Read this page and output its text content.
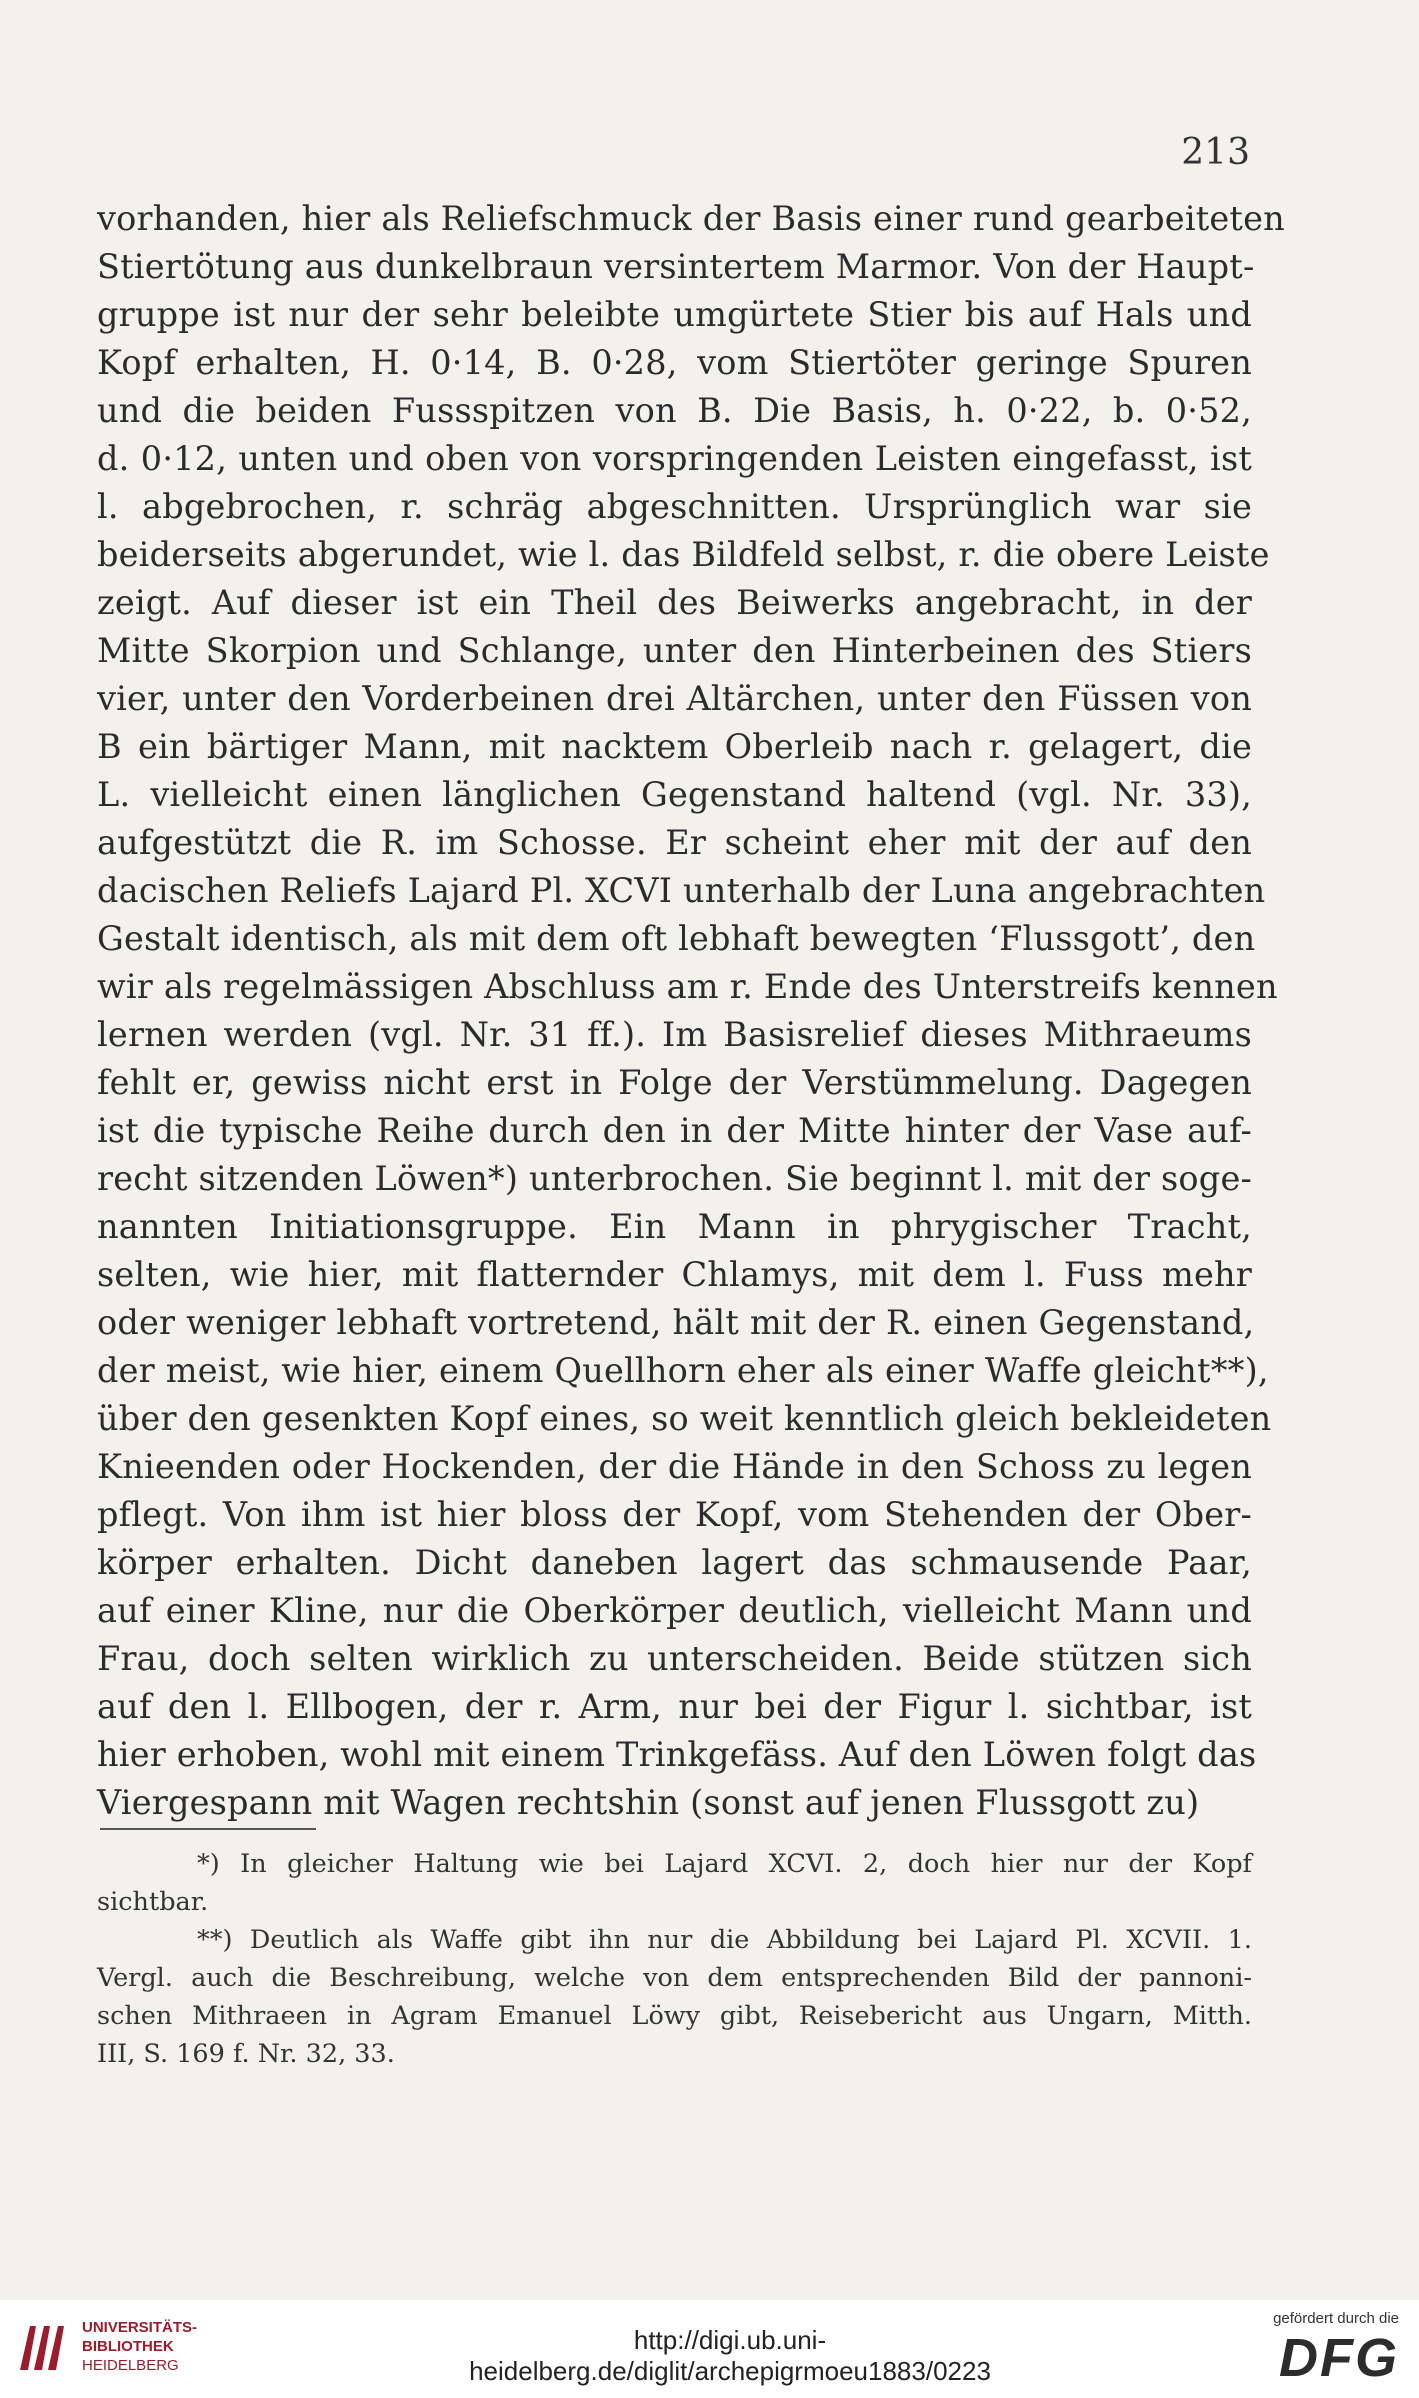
213
vorhanden, hier als Reliefschmuck der Basis einer rund gearbeiteten
Stiertötung aus dunkelbraun versintertem Marmor. Von der Haupt-
gruppe ist nur der sehr beleibte umgürtete Stier bis auf Hals und
Kopf erhalten, H. 0·14, B. 0·28, vom Stiertöter geringe Spuren
und die beiden Fussspitzen von B. Die Basis, h. 0·22, b. 0·52,
d. 0·12, unten und oben von vorspringenden Leisten eingefasst, ist
l. abgebrochen, r. schräg abgeschnitten. Ursprünglich war sie
beiderseits abgerundet, wie l. das Bildfeld selbst, r. die obere Leiste
zeigt. Auf dieser ist ein Theil des Beiwerks angebracht, in der
Mitte Skorpion und Schlange, unter den Hinterbeinen des Stiers
vier, unter den Vorderbeinen drei Altärchen, unter den Füssen von
B ein bärtiger Mann, mit nacktem Oberleib nach r. gelagert, die
L. vielleicht einen länglichen Gegenstand haltend (vgl. Nr. 33),
aufgestützt die R. im Schosse. Er scheint eher mit der auf den
dacischen Reliefs Lajard Pl. XCVI unterhalb der Luna angebrachten
Gestalt identisch, als mit dem oft lebhaft bewegten ‘Flussgott’, den
wir als regelmässigen Abschluss am r. Ende des Unterstreifs kennen
lernen werden (vgl. Nr. 31 ff.). Im Basisrelief dieses Mithraeums
fehlt er, gewiss nicht erst in Folge der Verstümmelung. Dagegen
ist die typische Reihe durch den in der Mitte hinter der Vase auf-
recht sitzenden Löwen*) unterbrochen. Sie beginnt l. mit der soge-
nannten Initiationsgruppe. Ein Mann in phrygischer Tracht,
selten, wie hier, mit flatternder Chlamys, mit dem l. Fuss mehr
oder weniger lebhaft vortretend, hält mit der R. einen Gegenstand,
der meist, wie hier, einem Quellhorn eher als einer Waffe gleicht**),
über den gesenkten Kopf eines, so weit kenntlich gleich bekleideten
Knieenden oder Hockenden, der die Hände in den Schoss zu legen
pflegt. Von ihm ist hier bloss der Kopf, vom Stehenden der Ober-
körper erhalten. Dicht daneben lagert das schmausende Paar,
auf einer Kline, nur die Oberkörper deutlich, vielleicht Mann und
Frau, doch selten wirklich zu unterscheiden. Beide stützen sich
auf den l. Ellbogen, der r. Arm, nur bei der Figur l. sichtbar, ist
hier erhoben, wohl mit einem Trinkgefäss. Auf den Löwen folgt das
Viergespann mit Wagen rechtshin (sonst auf jenen Flussgott zu)
*) In gleicher Haltung wie bei Lajard XCVI. 2, doch hier nur der Kopf
sichtbar.
**) Deutlich als Waffe gibt ihn nur die Abbildung bei Lajard Pl. XCVII. 1.
Vergl. auch die Beschreibung, welche von dem entsprechenden Bild der pannoni-
schen Mithraeen in Agram Emanuel Löwy gibt, Reisebericht aus Ungarn, Mitth.
III, S. 169 f. Nr. 32, 33.
UNIVERSITÄTS-
BIBLIOTHEK
HEIDELBERG
http://digi.ub.uni-heidelberg.de/diglit/archepigrmoeu1883/0223
gefördert durch die
DFG
